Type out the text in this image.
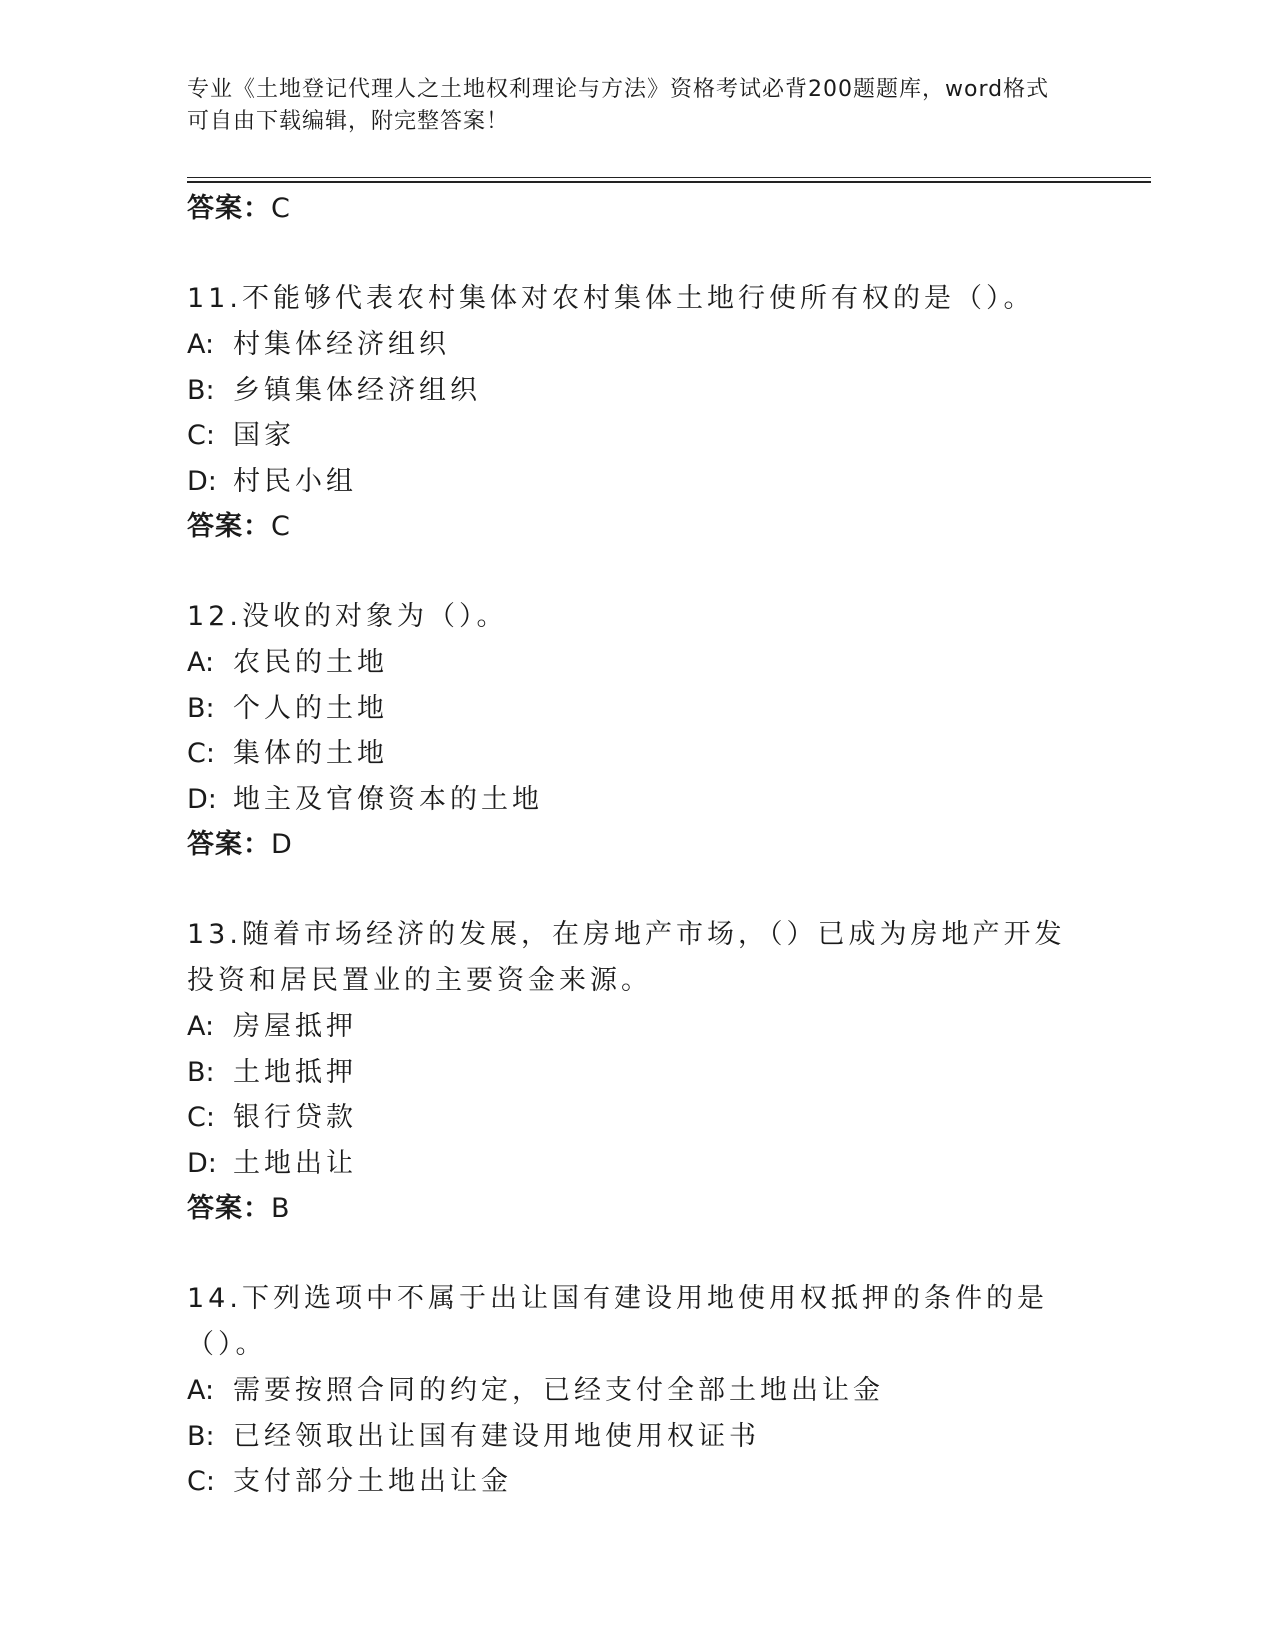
专业《土地登记代理人之土地权利理论与方法》资格考试必背200题题库，word格式可自由下载编辑，附完整答案！
答案：C
11.不能够代表农村集体对农村集体土地行使所有权的是（）。
A: 村集体经济组织
B: 乡镇集体经济组织
C: 国家
D: 村民小组
答案：C
12.没收的对象为（）。
A: 农民的土地
B: 个人的土地
C: 集体的土地
D: 地主及官僚资本的土地
答案：D
13.随着市场经济的发展，在房地产市场，（）已成为房地产开发投资和居民置业的主要资金来源。
A: 房屋抵押
B: 土地抵押
C: 银行贷款
D: 土地出让
答案：B
14.下列选项中不属于出让国有建设用地使用权抵押的条件的是（）。
A: 需要按照合同的约定，已经支付全部土地出让金
B: 已经领取出让国有建设用地使用权证书
C: 支付部分土地出让金
